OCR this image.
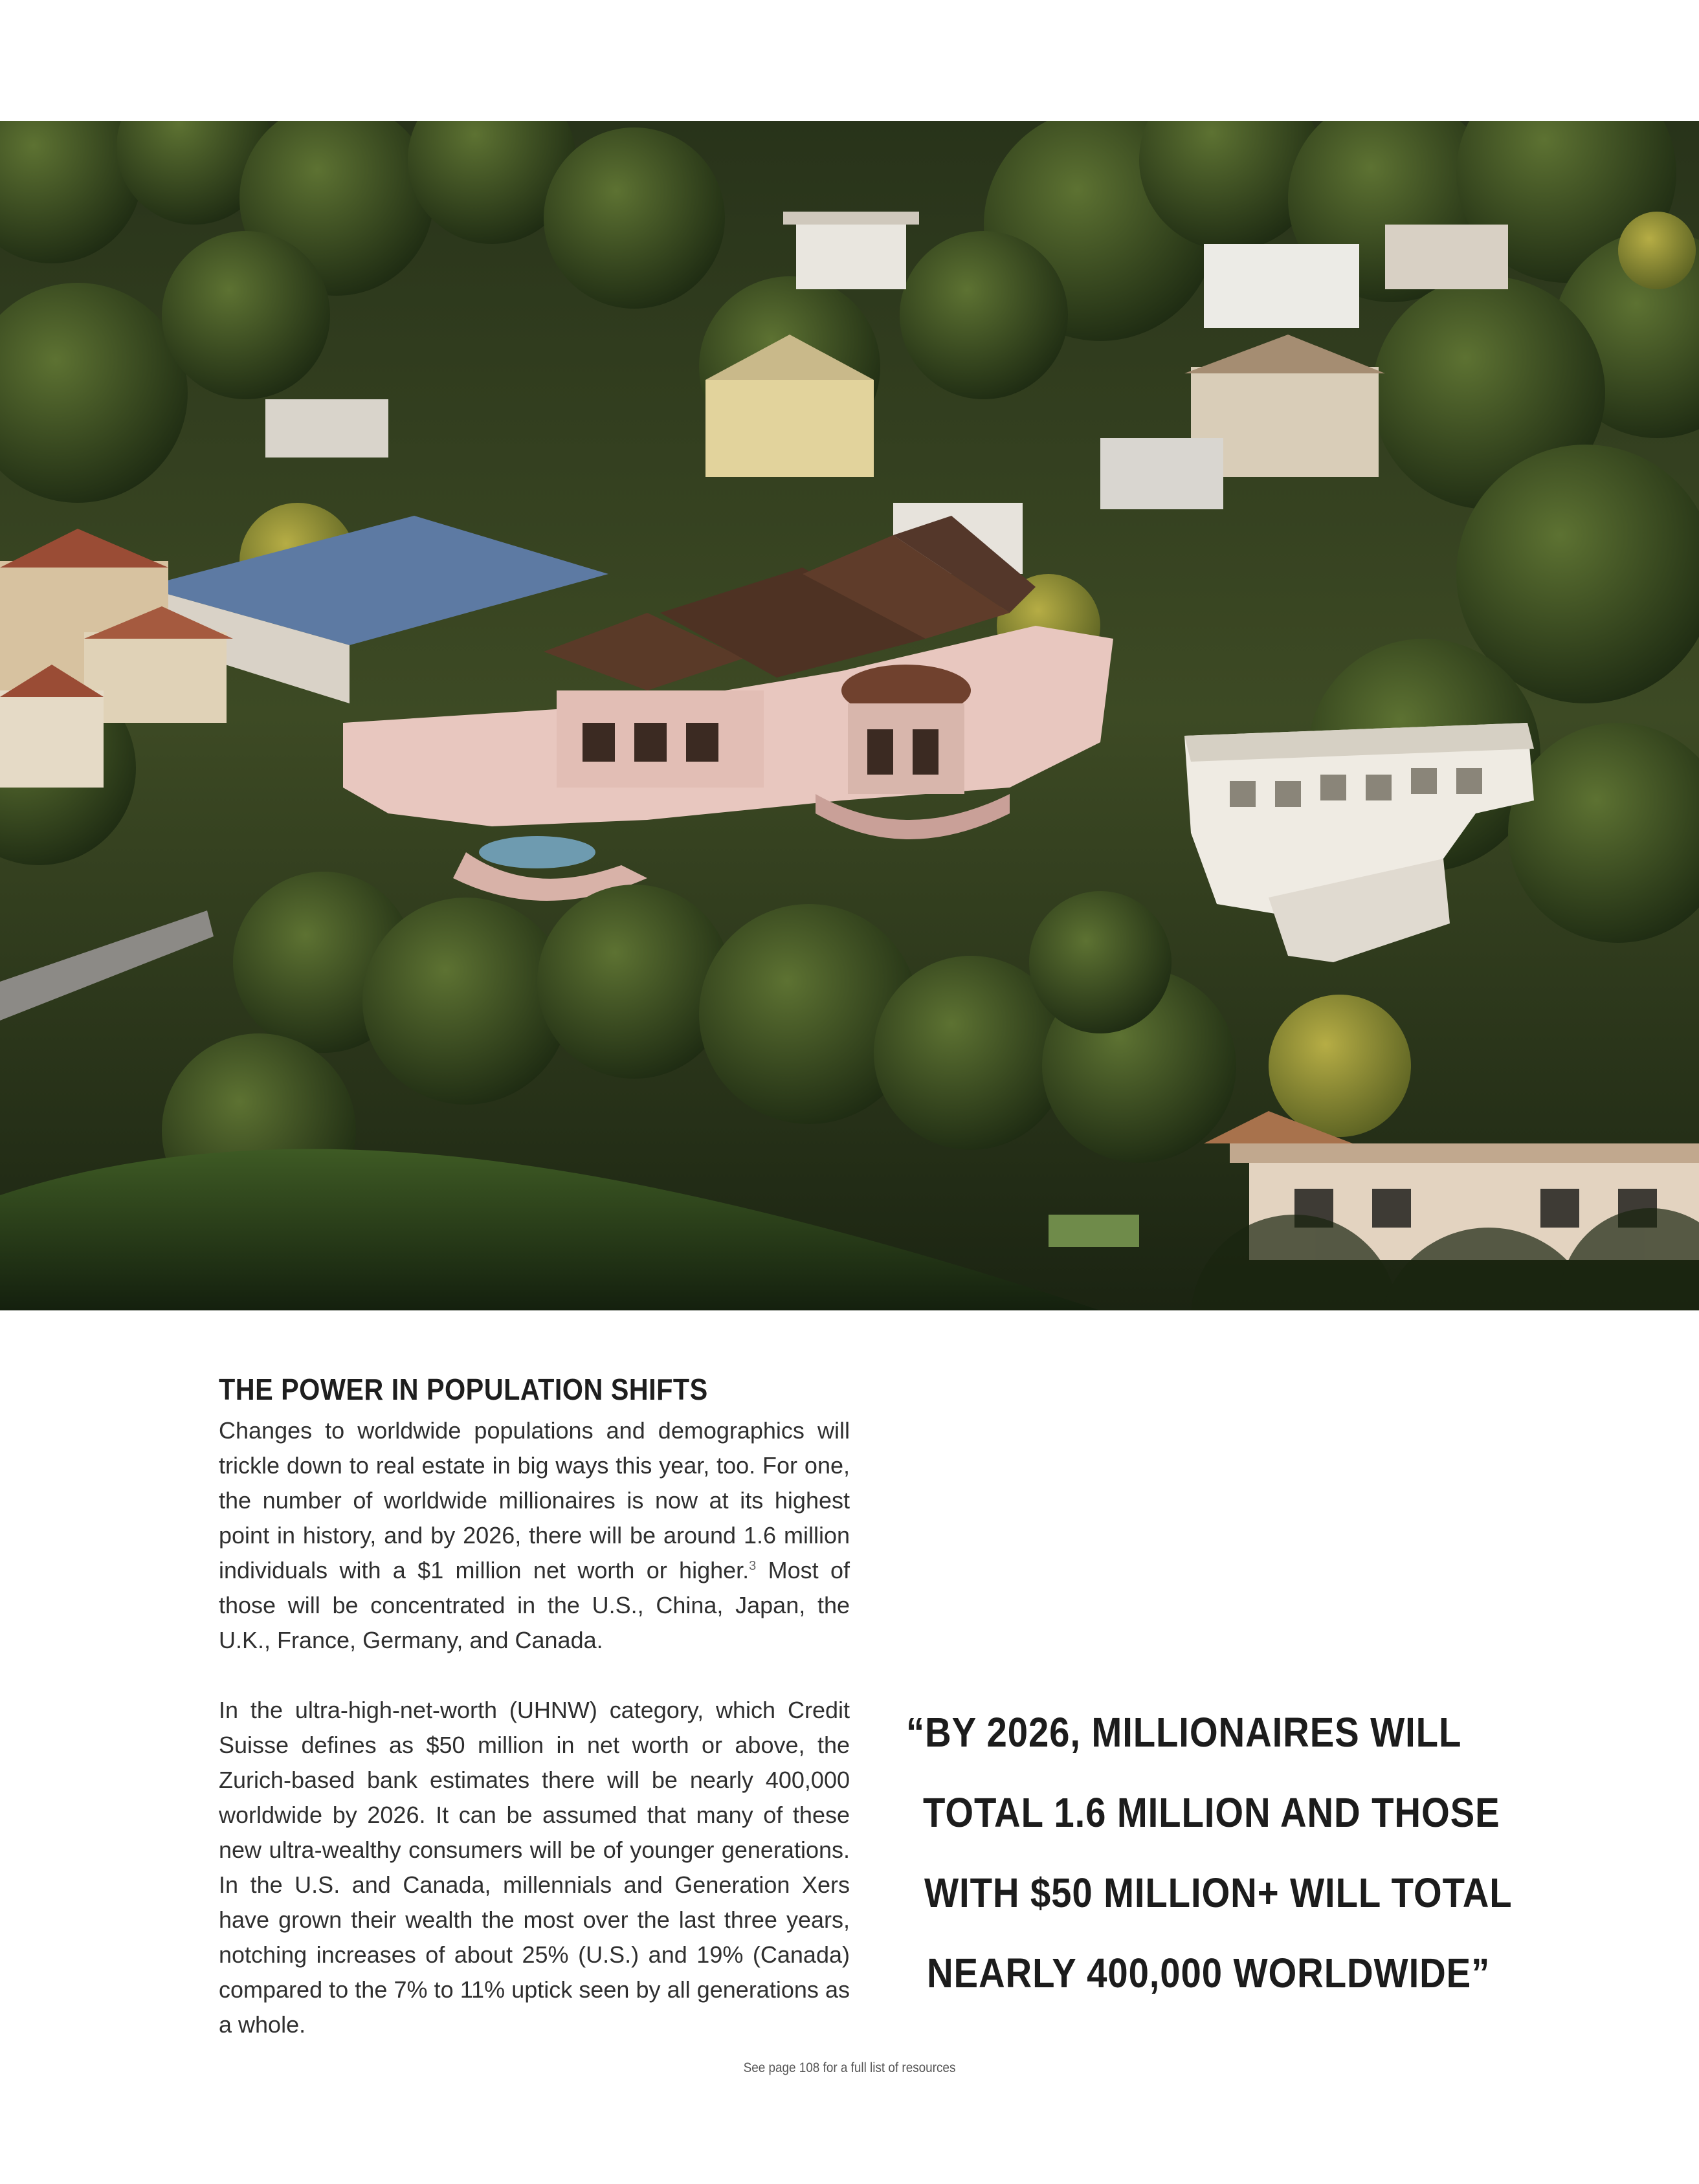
THE POWER IN POPULATION SHIFTS

Changes to worldwide populations and demographics will trickle down to real estate in big ways this year, too. For one, the number of worldwide millionaires is now at its highest point in history, and by 2026, there will be around 1.6 million individuals with a $1 million net worth or higher.$^3$ Most of those will be concentrated in the U.S., China, Japan, the U.K., France, Germany, and Canada.

In the ultra-high-net-worth (UHNW) category, which Credit Suisse defines as $50 million in net worth or above, the Zurich-based bank estimates there will be nearly 400,000 worldwide by 2026. It can be assumed that many of these new ultra-wealthy consumers will be of younger generations. In the U.S. and Canada, millennials and Generation Xers have grown their wealth the most over the last three years, notching increases of about 25% (U.S.) and 19% (Canada) compared to the 7% to 11% uptick seen by all generations as a whole.

“BY 2026, MILLIONAIRES WILL
TOTAL 1.6 MILLION AND THOSE
WITH $50 MILLION+ WILL TOTAL
NEARLY 400,000 WORLDWIDE”
See page 108 for a full list of resources
